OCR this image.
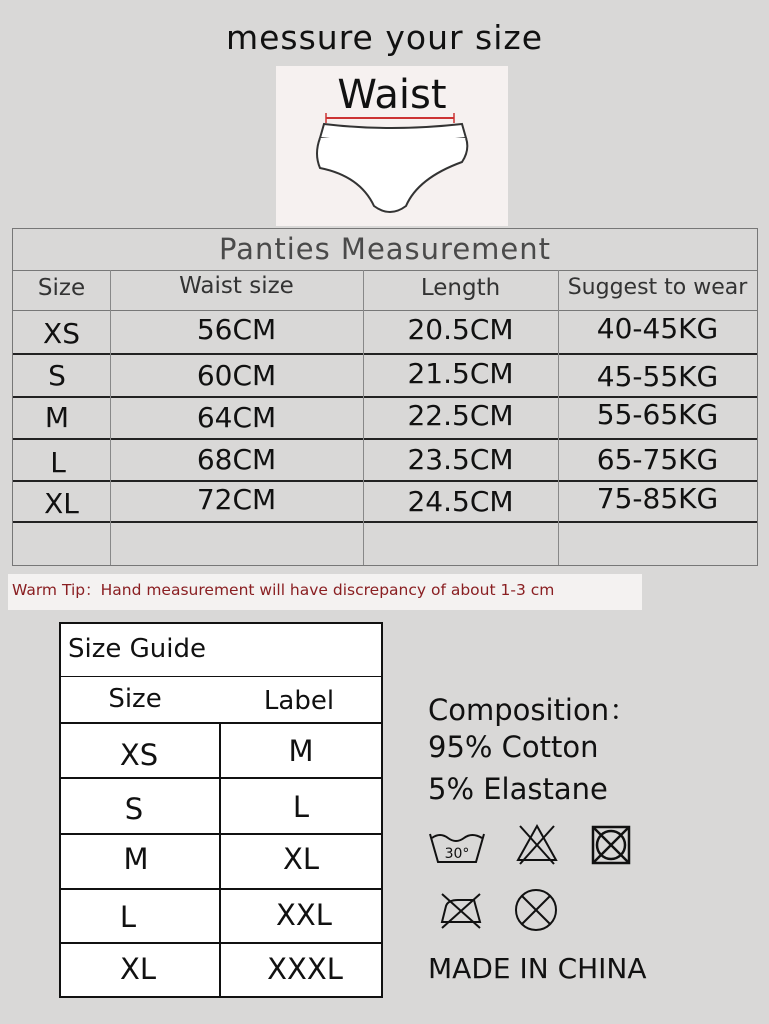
messure your size
Waist
Panties Measurement
Size	Waist size	Length	Suggest to wear
XS	56CM	20.5CM	40-45KG
S	60CM	21.5CM	45-55KG
M	64CM	22.5CM	55-65KG
L	68CM	23.5CM	65-75KG
XL	72CM	24.5CM	75-85KG
Warm Tip：Hand measurement will have discrepancy of about 1-3 cm
Size Guide
Size	Label
XS	M
S	L
M	XL
L	XXL
XL	XXXL
Composition：
95% Cotton
5% Elastane
30°
MADE IN CHINA
